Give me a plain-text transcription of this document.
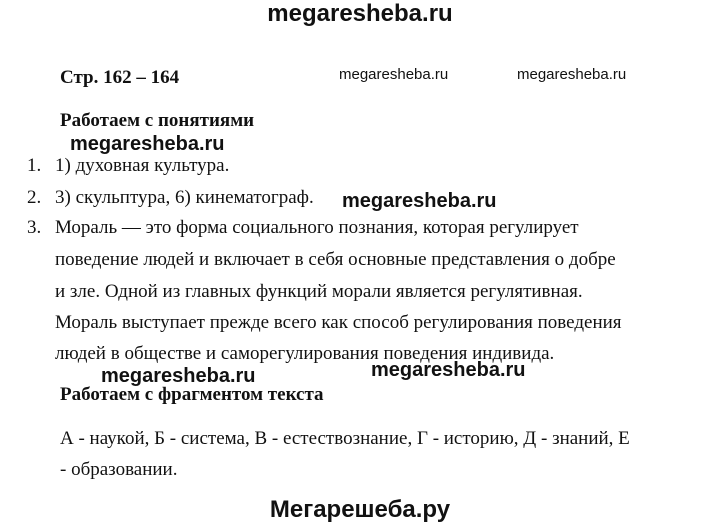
megaresheba.ru
Стр. 162 – 164	megaresheba.ru	megaresheba.ru
Работаем с понятиями
megaresheba.ru
1. 1) духовная культура.
2. 3) скульптура, 6) кинематограф. megaresheba.ru
3. Мораль — это форма социального познания, которая регулирует
поведение людей и включает в себя основные представления о добре
и зле. Одной из главных функций морали является регулятивная.
Мораль выступает прежде всего как способ регулирования поведения
людей в обществе и саморегулирования поведения индивида.
megaresheba.ru	megaresheba.ru
Работаем с фрагментом текста
А - наукой, Б - система, В - естествознание, Г - историю, Д - знаний, Е
- образовании.
Мегарешеба.ру
